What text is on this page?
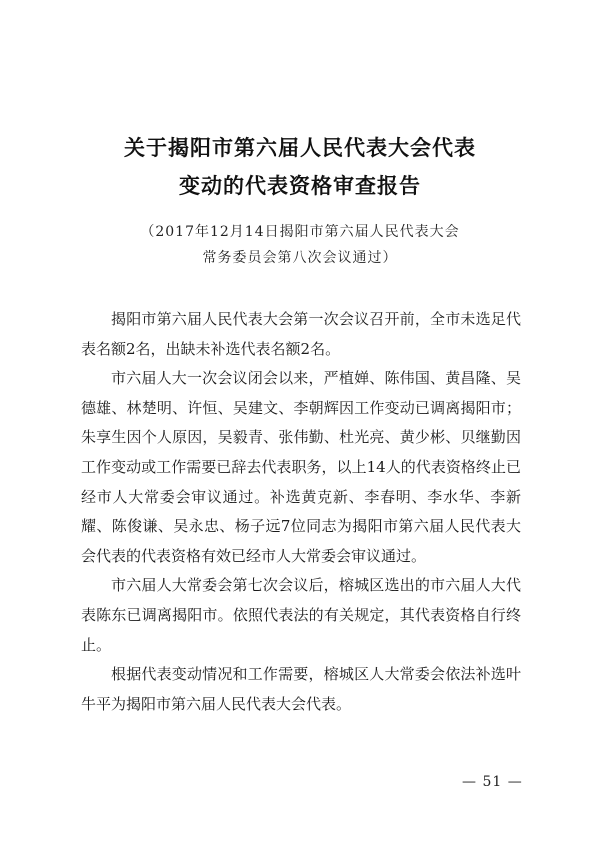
关于揭阳市第六届人民代表大会代表
变动的代表资格审查报告
（2017年12月14日揭阳市第六届人民代表大会
常务委员会第八次会议通过）

揭阳市第六届人民代表大会第一次会议召开前，全市未选足代表名额2名，出缺未补选代表名额2名。

市六届人大一次会议闭会以来，严植婵、陈伟国、黄昌隆、吴德雄、林楚明、许恒、吴建文、李朝辉因工作变动已调离揭阳市；朱享生因个人原因，吴毅青、张伟勤、杜光亮、黄少彬、贝继勤因工作变动或工作需要已辞去代表职务，以上14人的代表资格终止已经市人大常委会审议通过。补选黄克新、李春明、李水华、李新耀、陈俊谦、吴永忠、杨子远7位同志为揭阳市第六届人民代表大会代表的代表资格有效已经市人大常委会审议通过。

市六届人大常委会第七次会议后，榕城区选出的市六届人大代表陈东已调离揭阳市。依照代表法的有关规定，其代表资格自行终止。

根据代表变动情况和工作需要，榕城区人大常委会依法补选叶牛平为揭阳市第六届人民代表大会代表。

— 51 —
